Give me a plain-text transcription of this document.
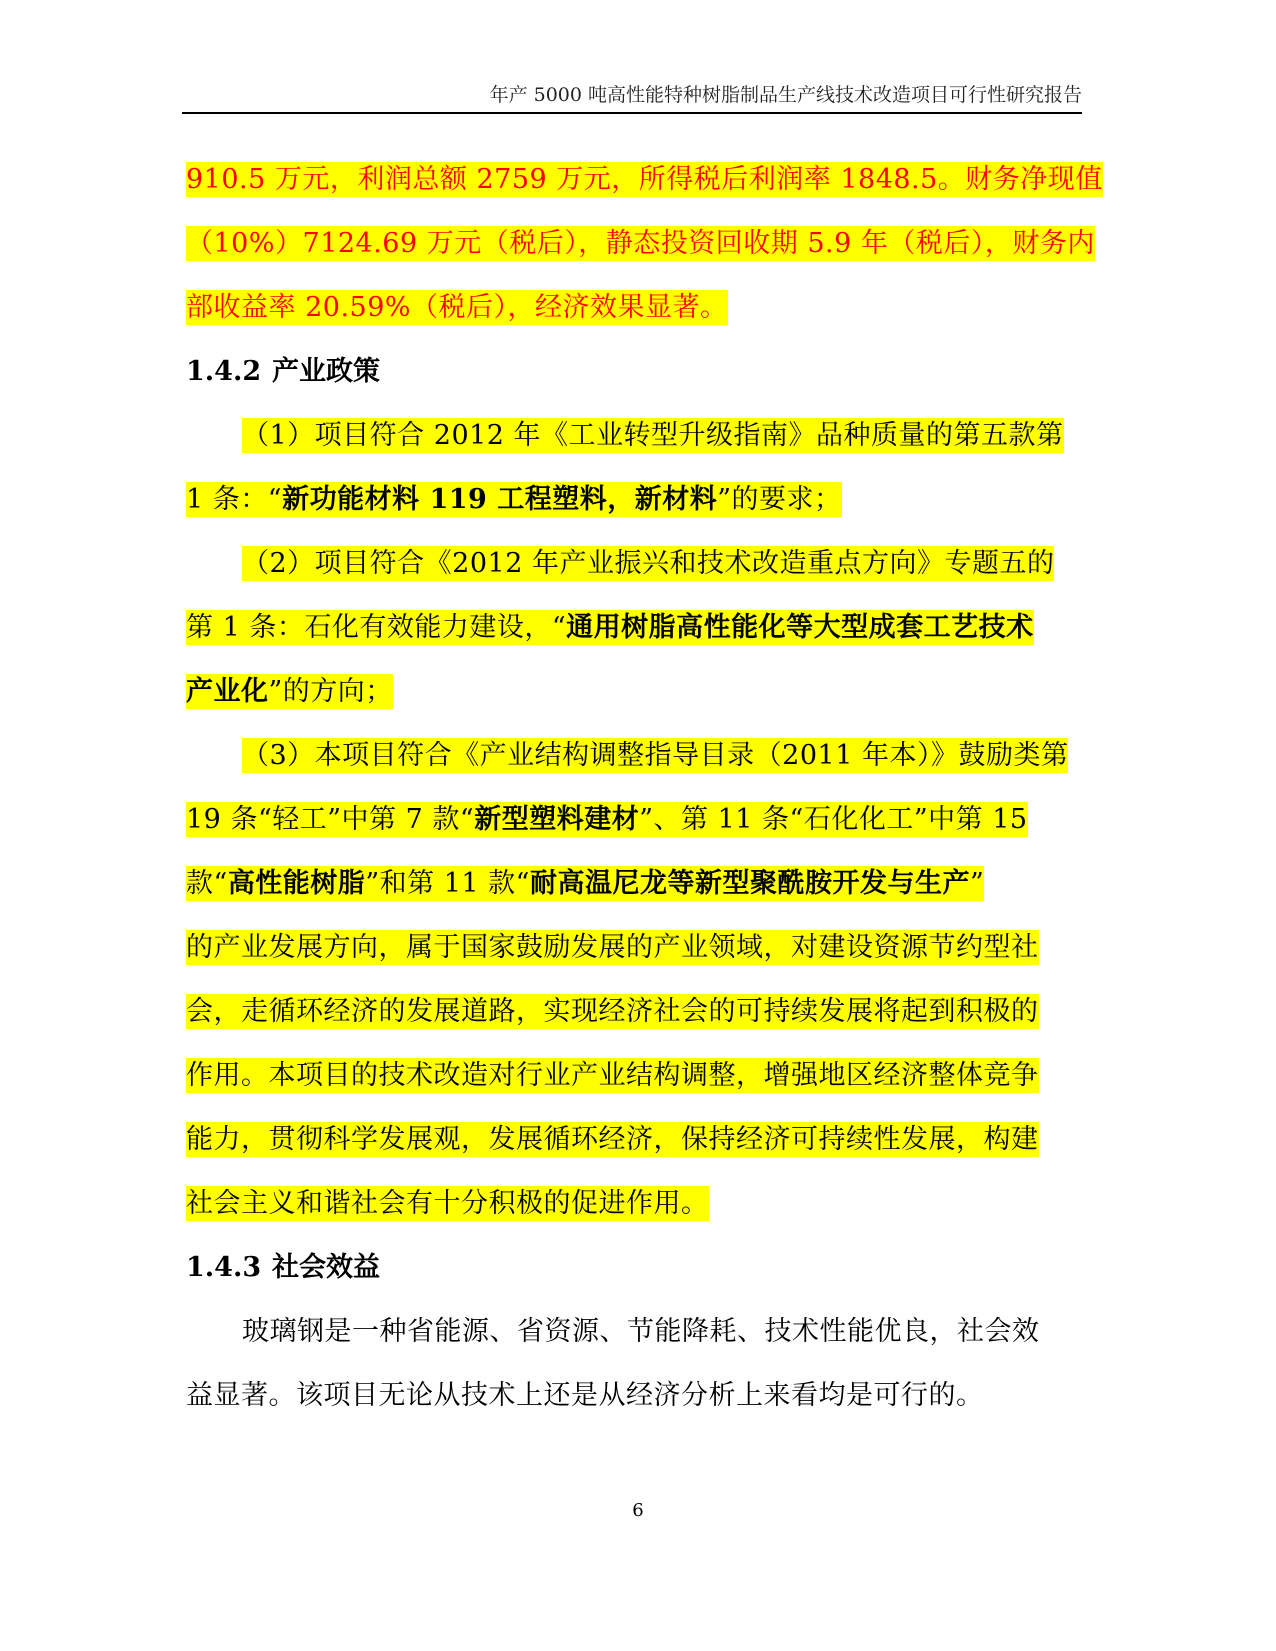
年产 5000 吨高性能特种树脂制品生产线技术改造项目可行性研究报告
910.5 万元，利润总额 2759 万元，所得税后利润率 1848.5。财务净现值
（10%）7124.69 万元（税后），静态投资回收期 5.9 年（税后），财务内
部收益率 20.59%（税后），经济效果显著。
1.4.2 产业政策
（1）项目符合 2012 年《工业转型升级指南》品种质量的第五款第
1 条：“新功能材料 119 工程塑料，新材料”的要求；
（2）项目符合《2012 年产业振兴和技术改造重点方向》专题五的
第 1 条：石化有效能力建设，“通用树脂高性能化等大型成套工艺技术
产业化”的方向；
（3）本项目符合《产业结构调整指导目录（2011 年本）》鼓励类第
19 条“轻工”中第 7 款“新型塑料建材”、第 11 条“石化化工”中第 15
款“高性能树脂”和第 11 款“耐高温尼龙等新型聚酰胺开发与生产”
的产业发展方向，属于国家鼓励发展的产业领域，对建设资源节约型社
会，走循环经济的发展道路，实现经济社会的可持续发展将起到积极的
作用。本项目的技术改造对行业产业结构调整，增强地区经济整体竞争
能力，贯彻科学发展观，发展循环经济，保持经济可持续性发展，构建
社会主义和谐社会有十分积极的促进作用。
1.4.3 社会效益
玻璃钢是一种省能源、省资源、节能降耗、技术性能优良，社会效
益显著。该项目无论从技术上还是从经济分析上来看均是可行的。
6
